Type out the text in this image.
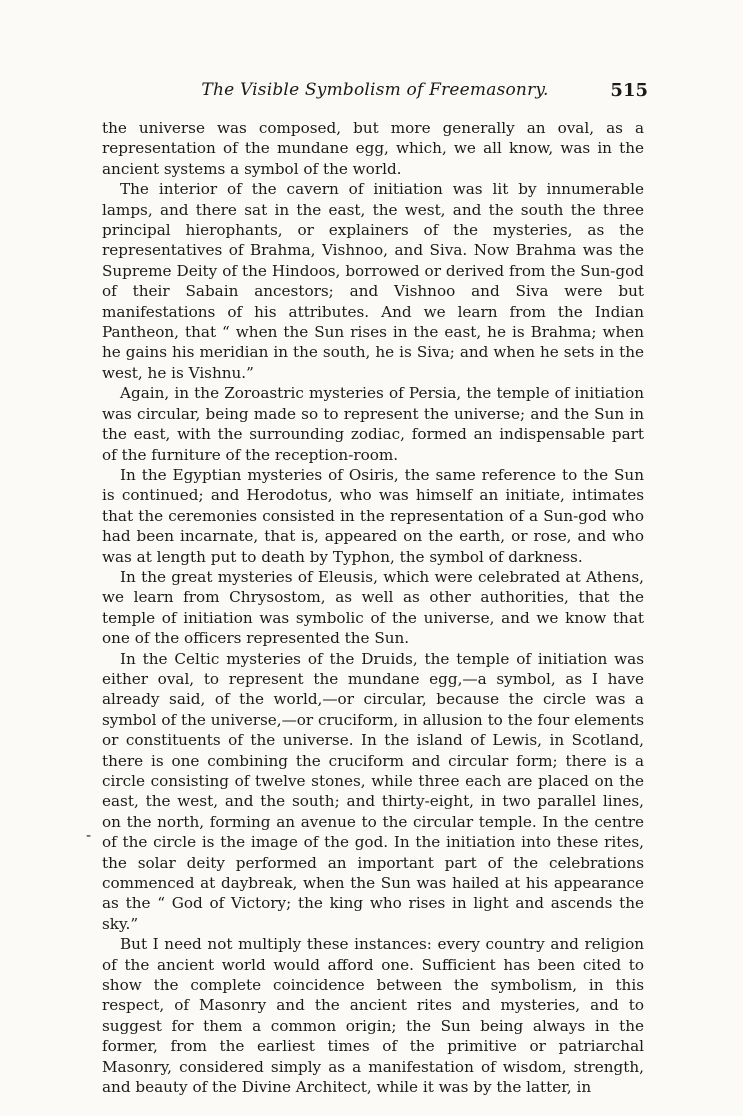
The Visible Symbolism of Freemasonry.	515
-

the universe was composed, but more generally an oval, as a representation of the mundane egg, which, we all know, was in the ancient systems a symbol of the world.

The interior of the cavern of initiation was lit by innumerable lamps, and there sat in the east, the west, and the south the three principal hierophants, or explainers of the mysteries, as the representatives of Brahma, Vishnoo, and Siva. Now Brahma was the Supreme Deity of the Hindoos, borrowed or derived from the Sun-god of their Sabain ancestors; and Vishnoo and Siva were but manifestations of his attributes. And we learn from the Indian Pantheon, that “ when the Sun rises in the east, he is Brahma; when he gains his meridian in the south, he is Siva; and when he sets in the west, he is Vishnu.”

Again, in the Zoroastric mysteries of Persia, the temple of initiation was circular, being made so to represent the universe; and the Sun in the east, with the surrounding zodiac, formed an indispensable part of the furniture of the reception-room.

In the Egyptian mysteries of Osiris, the same reference to the Sun is continued; and Herodotus, who was himself an initiate, intimates that the ceremonies consisted in the representation of a Sun-god who had been incarnate, that is, appeared on the earth, or rose, and who was at length put to death by Typhon, the symbol of darkness.

In the great mysteries of Eleusis, which were celebrated at Athens, we learn from Chrysostom, as well as other authorities, that the temple of initiation was symbolic of the universe, and we know that one of the officers represented the Sun.

In the Celtic mysteries of the Druids, the temple of initiation was either oval, to represent the mundane egg,—a symbol, as I have already said, of the world,—or circular, because the circle was a symbol of the universe,—or cruciform, in allusion to the four elements or constituents of the universe. In the island of Lewis, in Scotland, there is one combining the cruciform and circular form; there is a circle consisting of twelve stones, while three each are placed on the east, the west, and the south; and thirty-eight, in two parallel lines, on the north, forming an avenue to the circular temple. In the centre of the circle is the image of the god. In the initiation into these rites, the solar deity performed an important part of the celebrations commenced at daybreak, when the Sun was hailed at his appearance as the “ God of Victory; the king who rises in light and ascends the sky.”

But I need not multiply these instances: every country and religion of the ancient world would afford one. Sufficient has been cited to show the complete coincidence between the symbolism, in this respect, of Masonry and the ancient rites and mysteries, and to suggest for them a common origin; the Sun being always in the former, from the earliest times of the primitive or patriarchal Masonry, considered simply as a manifestation of wisdom, strength, and beauty of the Divine Architect, while it was by the latter, in
